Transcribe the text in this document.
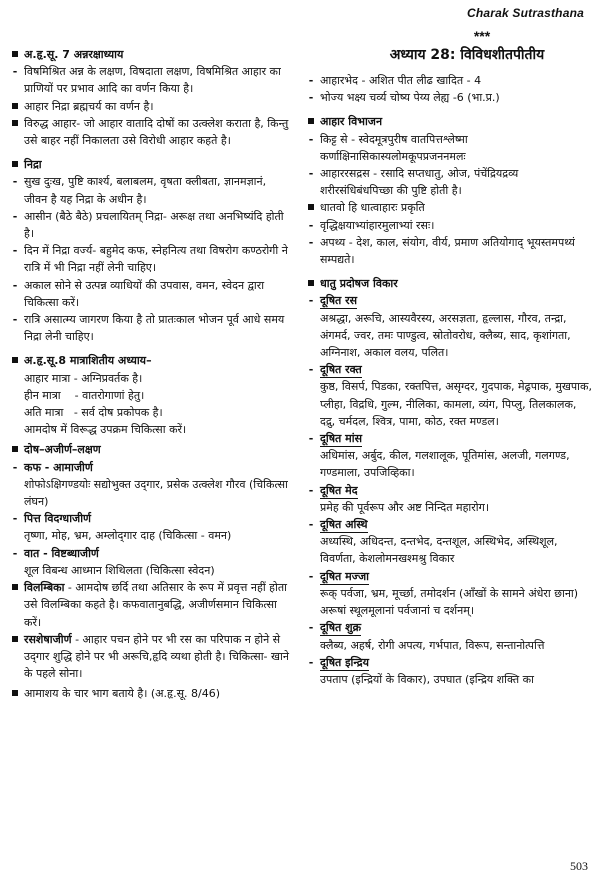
Charak Sutrasthana
***
अ.हृ.सू. 7 अन्नरक्षाध्याय
- विषमिश्रित अन्न के लक्षण, विषदाता लक्षण, विषमिश्रित आहार का प्राणियों पर प्रभाव आदि का वर्णन किया है।
आहार निद्रा ब्रह्मचर्य का वर्णन है।
विरुद्ध आहार- जो आहार वातादि दोषों का उत्क्लेश कराता है, किन्तु उसे बाहर नहीं निकालता उसे विरोधी आहार कहते है।
निद्रा
- सुख दुःख, पुष्टि कार्श्य, बलाबलम, वृषता क्लीबता, ज्ञानमज्ञानं, जीवन है यह निद्रा के अधीन है।
- आसीन (बैठे बैठे) प्रचलायितम् निद्रा- अरूक्ष तथा अनभिष्यंदि होती है।
- दिन में निद्रा वर्ज्य- बहुमेद कफ, स्नेहनित्य तथा विषरोग कण्ठरोगी ने रात्रि में भी निद्रा नहीं लेनी चाहिए।
- अकाल सोने से उत्पन्न व्याधियों की उपवास, वमन, स्वेदन द्वारा चिकित्सा करें।
- रात्रि असात्म्य जागरण किया है तो प्रातःकाल भोजन पूर्व आधे समय निद्रा लेनी चाहिए।
अ.हृ.सू.8 मात्राशितीय अध्याय–
आहार मात्रा - अग्निप्रवर्तक है।
हीन मात्रा    - वातरोगाणां हेतु।
अति मात्रा   - सर्व दोष प्रकोपक है।
आमदोष में विरूद्ध उपक्रम चिकित्सा करें।
दोष–अजीर्ण–लक्षण
- कफ - आमाजीर्ण
शोफोऽक्षिगण्डयोः सद्योभुक्त उद्‌गार, प्रसेक उत्क्लेश गौरव (चिकित्सा लंघन)
- पित्त विदग्धाजीर्ण
तृष्णा, मोह, भ्रम, अम्लोद्‌गार दाह (चिकित्सा - वमन)
- वात - विष्टब्धाजीर्ण
शूल विबन्ध आध्मान शिथिलता (चिकित्सा स्वेदन)
विलम्बिका - आमदोष छर्दि तथा अतिसार के रूप में प्रवृत्त नहीं होता उसे विलम्बिका कहते है। कफवातानुबद्धि, अजीर्णसमान चिकित्सा करें।
रसशेषाजीर्ण - आहार पचन होने पर भी रस का परिपाक न होने से उद्‌गार शुद्धि होने पर भी अरूचि,हृदि व्यथा होती है। चिकित्सा- खाने के पहले सोना।
आमाशय के चार भाग बताये है। (अ.हृ.सू. 8/46)
अध्याय 28: विविधशीतपीतीय
- आहारभेद - अशित पीत लीढ खादित - 4
- भोज्य भक्ष्य चर्व्य चोष्य पेय्य लेह्य -6 (भा.प्र.)
आहार विभाजन
- किट्ट से - स्वेदमूत्रपुरीष वातपित्तश्लेष्मा कर्णाक्षिनासिकास्यलोमकूपप्रजननमलः
- आहाररसद्रस - रसादि सप्तधातु, ओज, पंचेंद्रियद्रव्य शरीरसंधिबंधपिच्छा की पुष्टि होती है।
धातवो हि धात्वाहारः प्रकृति
- वृद्धिक्षयाभ्यांहारमुलाभ्यां रसः।
- अपथ्य - देश, काल, संयोग, वीर्य, प्रमाण अतियोगाद् भूयस्तमपथ्यं सम्पद्यते।
धातु प्रदोषज विकार
- दूषित रस
अश्रद्धा, अरूचि, आस्यवैरस्य, अरसज्ञता, हृल्लास, गौरव, तन्द्रा, अंगमर्द, ज्वर, तमः पाण्डुत्व, स्रोतोवरोध, क्लैब्य, साद, कृशांगता, अग्निनाश, अकाल वलय, पलित।
- दूषित रक्त
कुष्ठ, विसर्प, पिडका, रक्तपित्त, असृग्दर, गुदपाक, मेढ्रपाक, मुखपाक, प्लीहा, विद्रधि, गुल्म, नीलिका, कामला, व्यंग, पिप्लु, तिलकालक, दद्रु, चर्मदल, श्वित्र, पामा, कोठ, रक्त मण्डल।
- दूषित मांस
अधिमांस, अर्बुद, कील, गलशालूक, पूतिमांस, अलजी, गलगण्ड, गण्डमाला, उपजिव्हिका।
- दूषित मेद
प्रमेह की पूर्वरूप और अष्ट निन्दित महारोग।
- दूषित अस्थि
अध्यस्थि, अधिदन्त, दन्तभेद, दन्तशूल, अस्थिभेद, अस्थिशूल, विवर्णता, केशलोमनखश्मश्रु विकार
- दूषित मज्जा
रूक् पर्वजा, भ्रम, मूर्च्छा, तमोदर्शन (आँखों के सामने अंधेरा छाना) अरूषां स्थूलमूलानां पर्वजानां च दर्शनम्।
- दूषित शुक्र
क्लैब्य, अहर्ष, रोगी अपत्य, गर्भपात, विरूप, सन्तानोत्पत्ति
- दूषित इन्द्रिय
उपताप (इन्द्रियों के विकार), उपघात (इन्द्रिय शक्ति का
503
